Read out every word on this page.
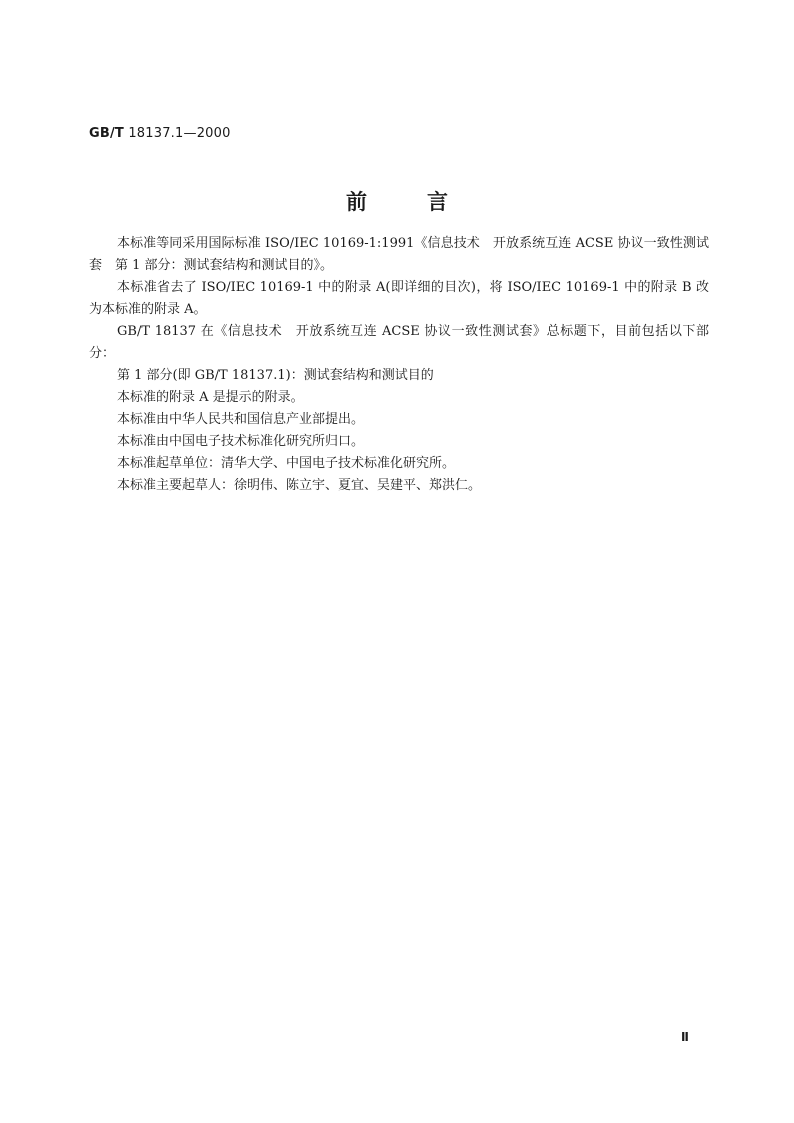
GB/T 18137.1—2000
前言

本标准等同采用国际标准 ISO/IEC 10169-1:1991《信息技术　开放系统互连 ACSE 协议一致性测试套　第 1 部分：测试套结构和测试目的》。

本标准省去了 ISO/IEC 10169-1 中的附录 A(即详细的目次)，将 ISO/IEC 10169-1 中的附录 B 改为本标准的附录 A。

GB/T 18137 在《信息技术　开放系统互连 ACSE 协议一致性测试套》总标题下，目前包括以下部分：

第 1 部分(即 GB/T 18137.1)：测试套结构和测试目的

本标准的附录 A 是提示的附录。

本标准由中华人民共和国信息产业部提出。

本标准由中国电子技术标准化研究所归口。

本标准起草单位：清华大学、中国电子技术标准化研究所。

本标准主要起草人：徐明伟、陈立宇、夏宜、吴建平、郑洪仁。

Ⅱ
